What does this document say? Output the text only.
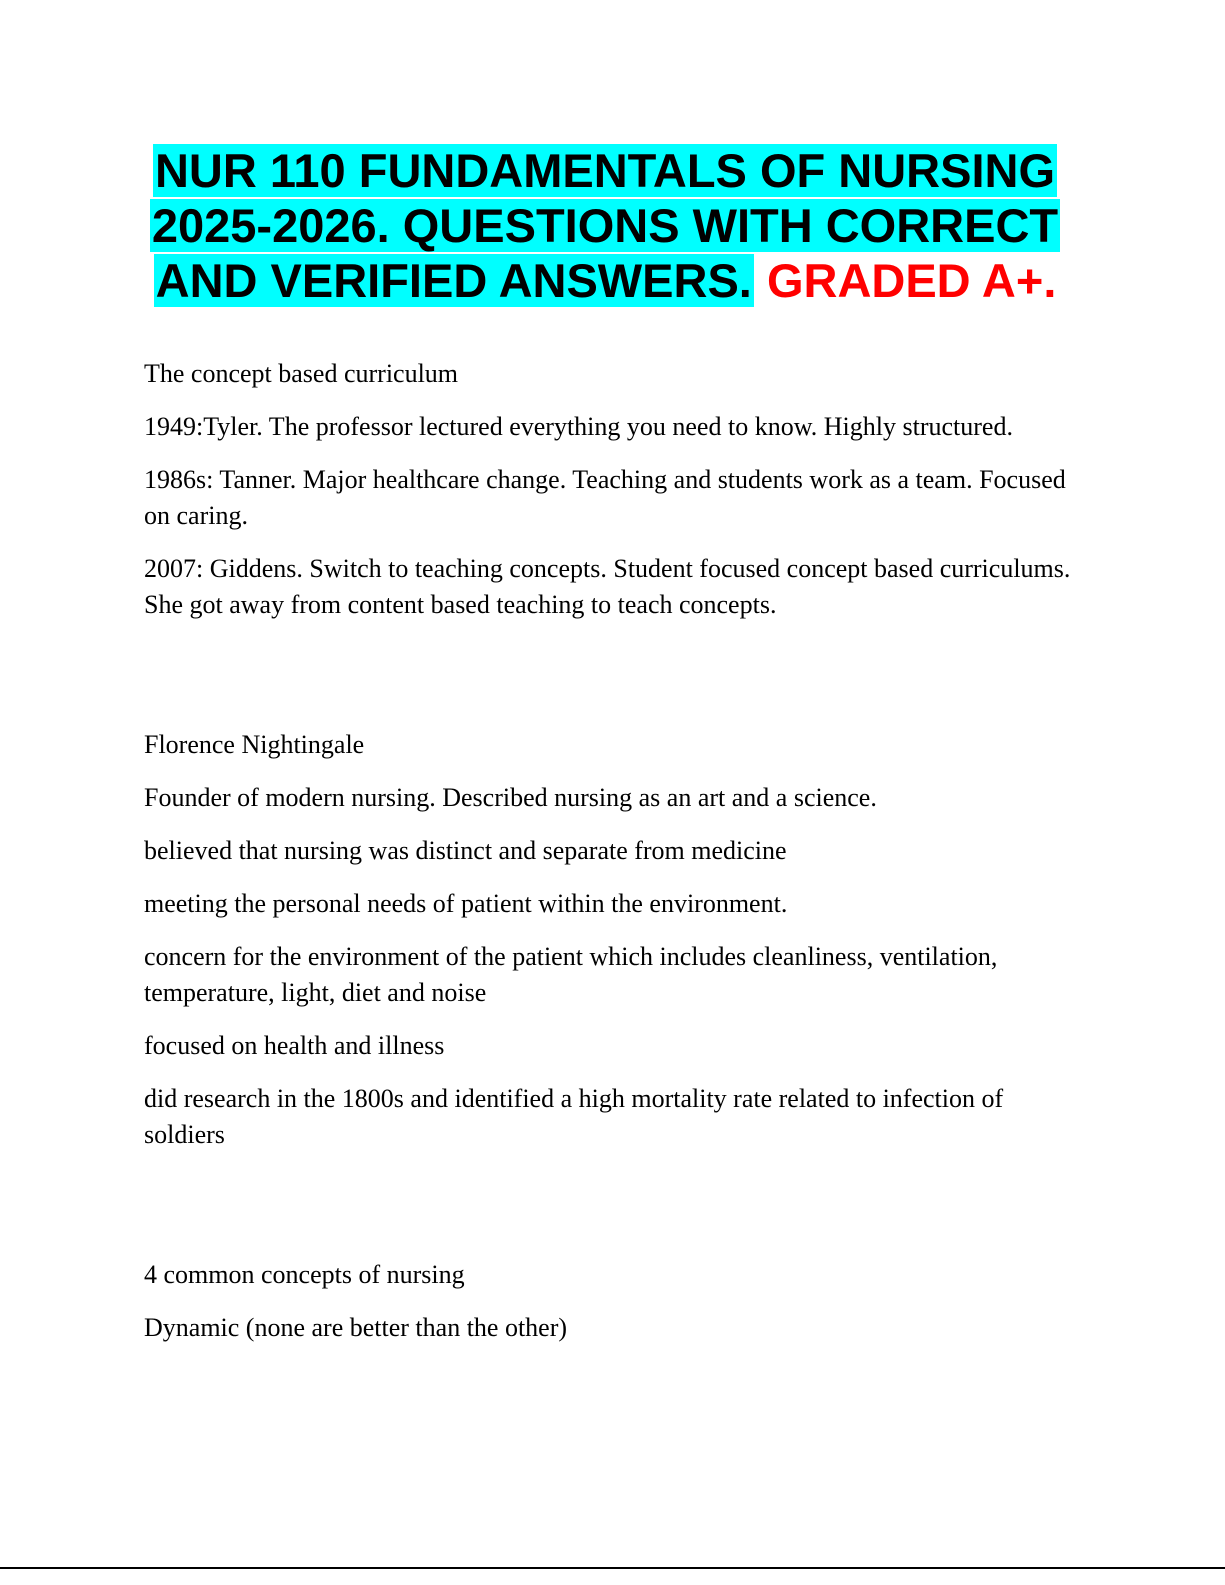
NUR 110 FUNDAMENTALS OF NURSING
2025-2026. QUESTIONS WITH CORRECT
AND VERIFIED ANSWERS. GRADED A+.

The concept based curriculum

1949:Tyler. The professor lectured everything you need to know. Highly structured.

1986s: Tanner. Major healthcare change. Teaching and students work as a team. Focused on caring.

2007: Giddens. Switch to teaching concepts. Student focused concept based curriculums. She got away from content based teaching to teach concepts.

Florence Nightingale

Founder of modern nursing. Described nursing as an art and a science.

believed that nursing was distinct and separate from medicine

meeting the personal needs of patient within the environment.

concern for the environment of the patient which includes cleanliness, ventilation, temperature, light, diet and noise

focused on health and illness

did research in the 1800s and identified a high mortality rate related to infection of soldiers

4 common concepts of nursing

Dynamic (none are better than the other)
